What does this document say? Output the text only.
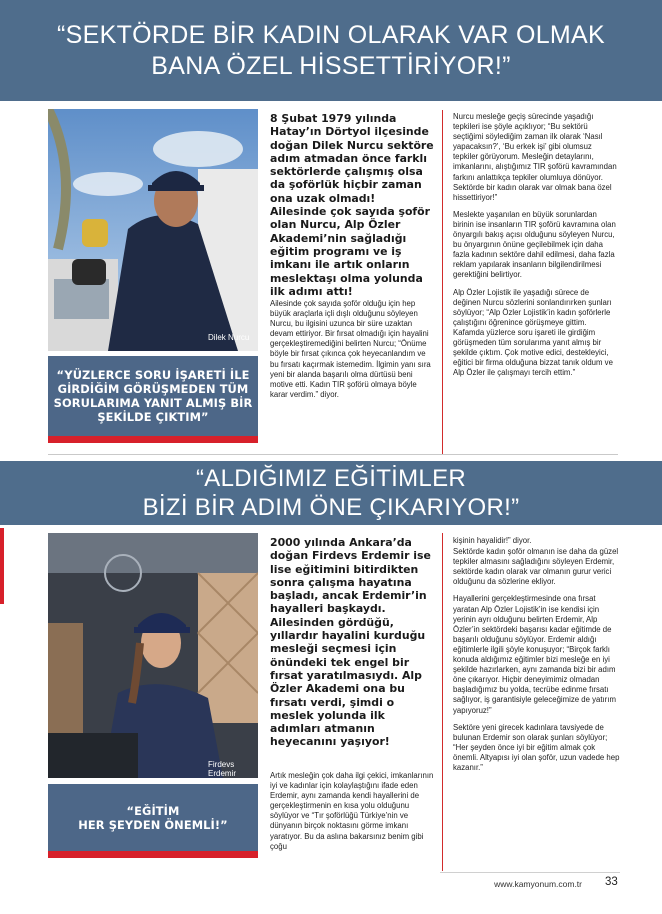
“SEKTÖRDE BİR KADIN OLARAK VAR OLMAK
BANA ÖZEL HİSSETTİRİYOR!”
Dilek Nurcu
“YÜZLERCE SORU İŞARETİ İLE
GİRDİĞİM GÖRÜŞMEDEN TÜM
SORULARIMA YANIT ALMIŞ BİR
ŞEKİLDE ÇIKTIM”
8 Şubat 1979 yılında Hatay’ın Dörtyol ilçesinde doğan Dilek Nurcu sektöre adım atmadan önce farklı sektörlerde çalışmış olsa da şoförlük hiçbir zaman ona uzak olmadı! Ailesinde çok sayıda şoför olan Nurcu, Alp Özler Akademi’nin sağladığı eğitim programı ve iş imkanı ile artık onların meslektaşı olma yolunda ilk adımı attı!

Ailesinde çok sayıda şoför olduğu için hep büyük araçlarla içli dışlı olduğunu söyleyen Nurcu, bu ilgisini uzunca bir süre uzaktan devam ettiriyor. Bir fırsat olmadığı için hayalini gerçekleştiremediğini belirten Nurcu; “Önüme böyle bir fırsat çıkınca çok heyecanlandım ve bu fırsatı kaçırmak istemedim. İlgimin yanı sıra yeni bir alanda başarılı olma dürtüsü beni motive etti. Kadın TIR şoförü olmaya böyle karar verdim.” diyor.

Nurcu mesleğe geçiş sürecinde yaşadığı tepkileri ise şöyle açıklıyor; “Bu sektörü seçtiğimi söylediğim zaman ilk olarak ‘Nasıl yapacaksın?’, ‘Bu erkek işi’ gibi olumsuz tepkiler görüyorum. Mesleğin detaylarını, imkanlarını, alıştığımız TIR şoförü kavramından farkını anlattıkça tepkiler olumluya dönüyor. Sektörde bir kadın olarak var olmak bana özel hissettiriyor!”

Meslekte yaşanılan en büyük sorunlardan birinin ise insanların TIR şoförü kavramına olan önyargılı bakış açısı olduğunu söyleyen Nurcu, bu önyargının önüne geçilebilmek için daha fazla kadının sektöre dahil edilmesi, daha fazla reklam yapılarak insanların bilgilendirilmesi gerektiğini belirtiyor.

Alp Özler Lojistik ile yaşadığı sürece de değinen Nurcu sözlerini sonlandırırken şunları söylüyor; “Alp Özler Lojistik’in kadın şoförlerle çalıştığını öğrenince görüşmeye gittim. Kafamda yüzlerce soru işareti ile girdiğim görüşmeden tüm sorularıma yanıt almış bir şekilde çıktım. Çok motive edici, destekleyici, eğitici bir firma olduğuna bizzat tanık oldum ve Alp Özler ile çalışmayı tercih ettim.”

“ALDIĞIMIZ EĞİTİMLER
BİZİ BİR ADIM ÖNE ÇIKARIYOR!”
Firdevs Erdemir
“EĞİTİM
HER ŞEYDEN ÖNEMLİ!”
2000 yılında Ankara’da doğan Firdevs Erdemir ise lise eğitimini bitirdikten sonra çalışma hayatına başladı, ancak Erdemir’in hayalleri başkaydı. Ailesinden gördüğü, yıllardır hayalini kurduğu mesleği seçmesi için önündeki tek engel bir fırsat yaratılmasıydı. Alp Özler Akademi ona bu fırsatı verdi, şimdi o meslek yolunda ilk adımları atmanın heyecanını yaşıyor!

Artık mesleğin çok daha ilgi çekici, imkanlarının iyi ve kadınlar için kolaylaştığını ifade eden Erdemir, aynı zamanda kendi hayallerini de gerçekleştirmenin en kısa yolu olduğunu söylüyor ve “Tır şoförlüğü Türkiye’nin ve dünyanın birçok noktasını görme imkanı yaratıyor. Bu da aslına bakarsınız benim gibi çoğu

kişinin hayalidir!” diyor.

Sektörde kadın şoför olmanın ise daha da güzel tepkiler almasını sağladığını söyleyen Erdemir, sektörde kadın olarak var olmanın gurur verici olduğunu da sözlerine ekliyor.

Hayallerini gerçekleştirmesinde ona fırsat yaratan Alp Özler Lojistik’in ise kendisi için yerinin ayrı olduğunu belirten Erdemir, Alp Özler’in sektördeki başarısı kadar eğitimde de başarılı olduğunu söylüyor. Erdemir aldığı eğitimlerle ilgili şöyle konuşuyor; “Birçok farklı konuda aldığımız eğitimler bizi mesleğe en iyi şekilde hazırlarken, aynı zamanda bizi bir adım öne çıkarıyor. Hiçbir deneyimimiz olmadan başladığımız bu yolda, tecrübe edinme fırsatı sağlıyor, iş garantisiyle geleceğimize de yatırım yapıyoruz!”

Sektöre yeni girecek kadınlara tavsiyede de bulunan Erdemir son olarak şunları söylüyor; “Her şeyden önce iyi bir eğitim almak çok önemli. Altyapısı iyi olan şoför, uzun vadede hep kazanır.”

www.kamyonum.com.tr 33
